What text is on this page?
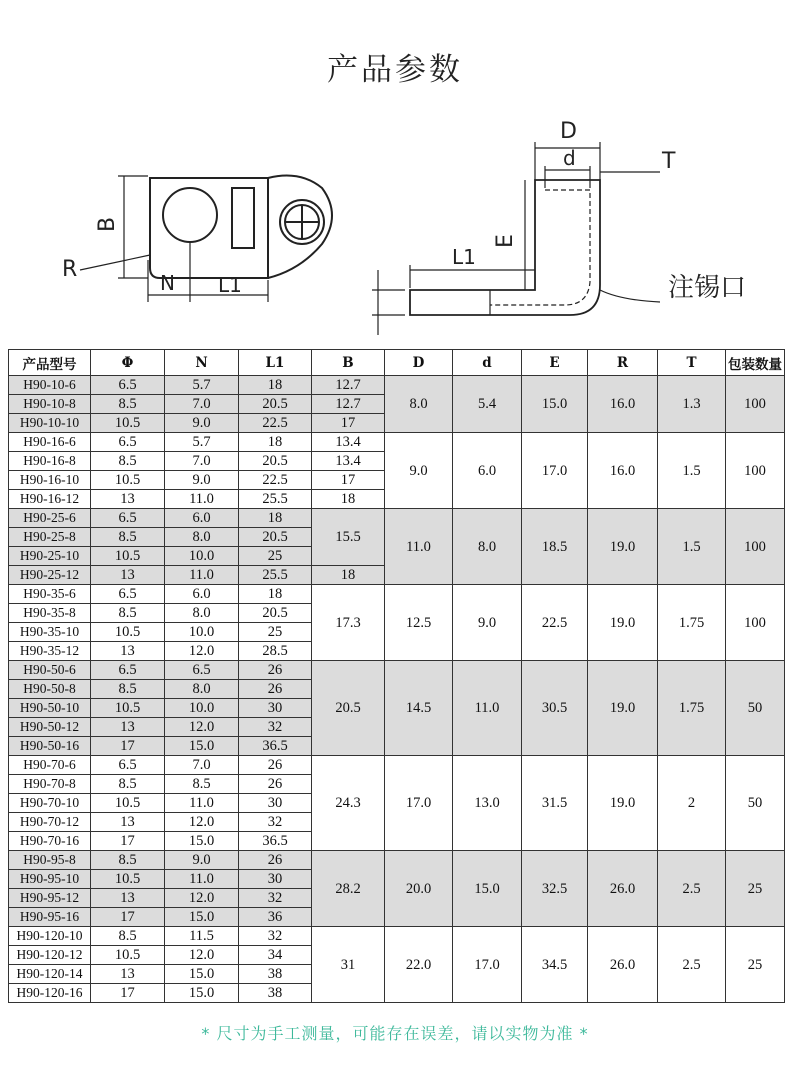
产品参数
B
R
N L1
D
d	T
E
L1
注锡口
产品型号	Φ	N	L1	B	D	d	E	R	T	包装数量
H90-10-6	6.5	5.7	18	12.7	8.0	5.4	15.0	16.0	1.3	100
H90-10-8	8.5	7.0	20.5	12.7						
H90-10-10	10.5	9.0	22.5	17						
H90-16-6	6.5	5.7	18	13.4	9.0	6.0	17.0	16.0	1.5	100
H90-16-8	8.5	7.0	20.5	13.4						
H90-16-10	10.5	9.0	22.5	17						
H90-16-12	13	11.0	25.5	18						
H90-25-6	6.5	6.0	18	15.5	11.0	8.0	18.5	19.0	1.5	100
H90-25-8	8.5	8.0	20.5							
H90-25-10	10.5	10.0	25							
H90-25-12	13	11.0	25.5	18						
H90-35-6	6.5	6.0	18	17.3	12.5	9.0	22.5	19.0	1.75	100
H90-35-8	8.5	8.0	20.5							
H90-35-10	10.5	10.0	25							
H90-35-12	13	12.0	28.5							
H90-50-6	6.5	6.5	26	20.5	14.5	11.0	30.5	19.0	1.75	50
H90-50-8	8.5	8.0	26							
H90-50-10	10.5	10.0	30							
H90-50-12	13	12.0	32							
H90-50-16	17	15.0	36.5							
H90-70-6	6.5	7.0	26	24.3	17.0	13.0	31.5	19.0	2	50
H90-70-8	8.5	8.5	26							
H90-70-10	10.5	11.0	30							
H90-70-12	13	12.0	32							
H90-70-16	17	15.0	36.5							
H90-95-8	8.5	9.0	26	28.2	20.0	15.0	32.5	26.0	2.5	25
H90-95-10	10.5	11.0	30							
H90-95-12	13	12.0	32							
H90-95-16	17	15.0	36							
H90-120-10	8.5	11.5	32	31	22.0	17.0	34.5	26.0	2.5	25
H90-120-12	10.5	12.0	34							
H90-120-14	13	15.0	38							
H90-120-16	17	15.0	38							
* 尺寸为手工测量，可能存在误差，请以实物为准 *
